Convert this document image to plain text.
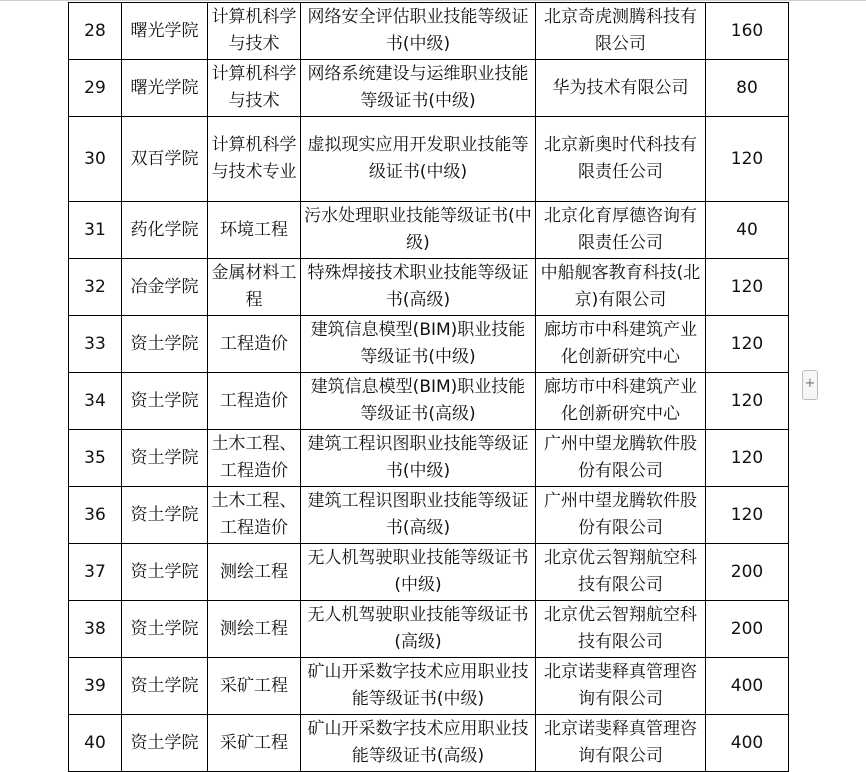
28	曙光学院	计算机科学与技术	网络安全评估职业技能等级证书(中级)	北京奇虎测腾科技有限公司	160
29	曙光学院	计算机科学与技术	网络系统建设与运维职业技能等级证书(中级)	华为技术有限公司	80
30	双百学院	计算机科学与技术专业	虚拟现实应用开发职业技能等级证书(中级)	北京新奥时代科技有限责任公司	120
31	药化学院	环境工程	污水处理职业技能等级证书(中级)	北京化育厚德咨询有限责任公司	40
32	冶金学院	金属材料工程	特殊焊接技术职业技能等级证书(高级)	中船舰客教育科技(北京)有限公司	120
33	资土学院	工程造价	建筑信息模型(BIM)职业技能等级证书(中级)	廊坊市中科建筑产业化创新研究中心	120
34	资土学院	工程造价	建筑信息模型(BIM)职业技能等级证书(高级)	廊坊市中科建筑产业化创新研究中心	120
35	资土学院	土木工程、工程造价	建筑工程识图职业技能等级证书(中级)	广州中望龙腾软件股份有限公司	120
36	资土学院	土木工程、工程造价	建筑工程识图职业技能等级证书(高级)	广州中望龙腾软件股份有限公司	120
37	资土学院	测绘工程	无人机驾驶职业技能等级证书(中级)	北京优云智翔航空科技有限公司	200
38	资土学院	测绘工程	无人机驾驶职业技能等级证书(高级)	北京优云智翔航空科技有限公司	200
39	资土学院	采矿工程	矿山开采数字技术应用职业技能等级证书(中级)	北京诺斐释真管理咨询有限公司	400
40	资土学院	采矿工程	矿山开采数字技术应用职业技能等级证书(高级)	北京诺斐释真管理咨询有限公司	400
+
